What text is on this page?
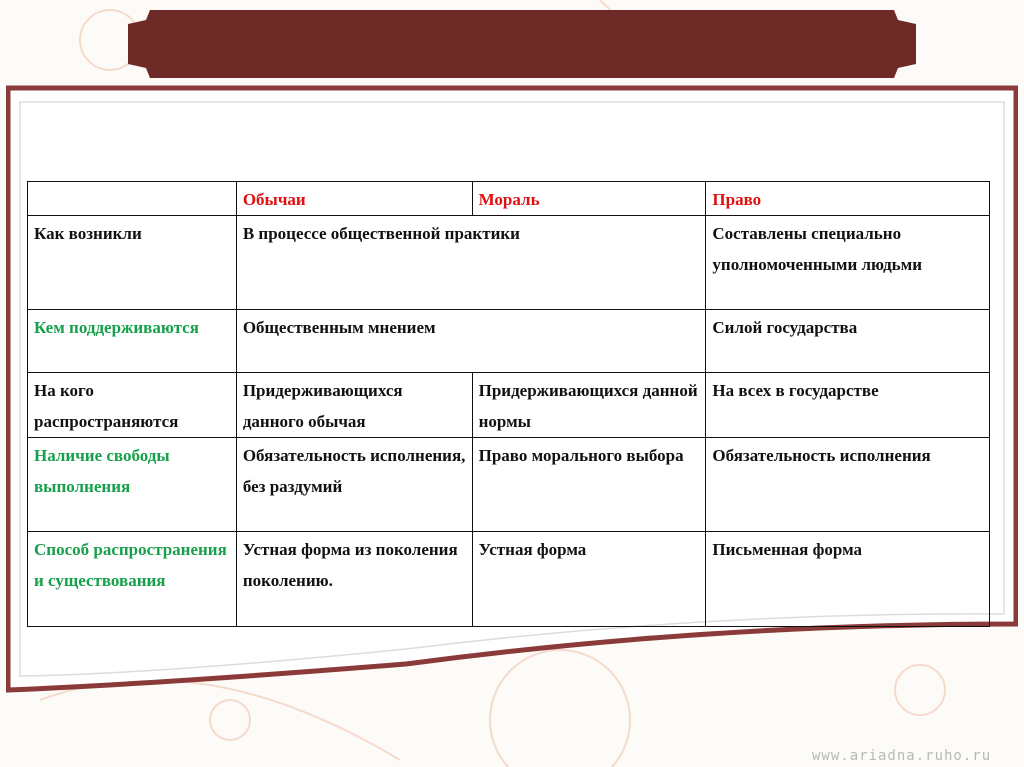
	Обычаи	Мораль	Право
Как возникли	В процессе общественной практики		Составлены специально уполномоченными людьми
Кем поддерживаются	Общественным мнением		Силой государства
На кого распространяются	Придерживающихся данного обычая	Придерживающихся данной нормы	На всех в государстве
Наличие свободы выполнения	Обязательность исполнения, без раздумий	Право морального выбора	Обязательность исполнения
Способ распространения и существования	Устная форма из поколения поколению.	Устная форма	Письменная форма
www.ariadna.ruho.ru
